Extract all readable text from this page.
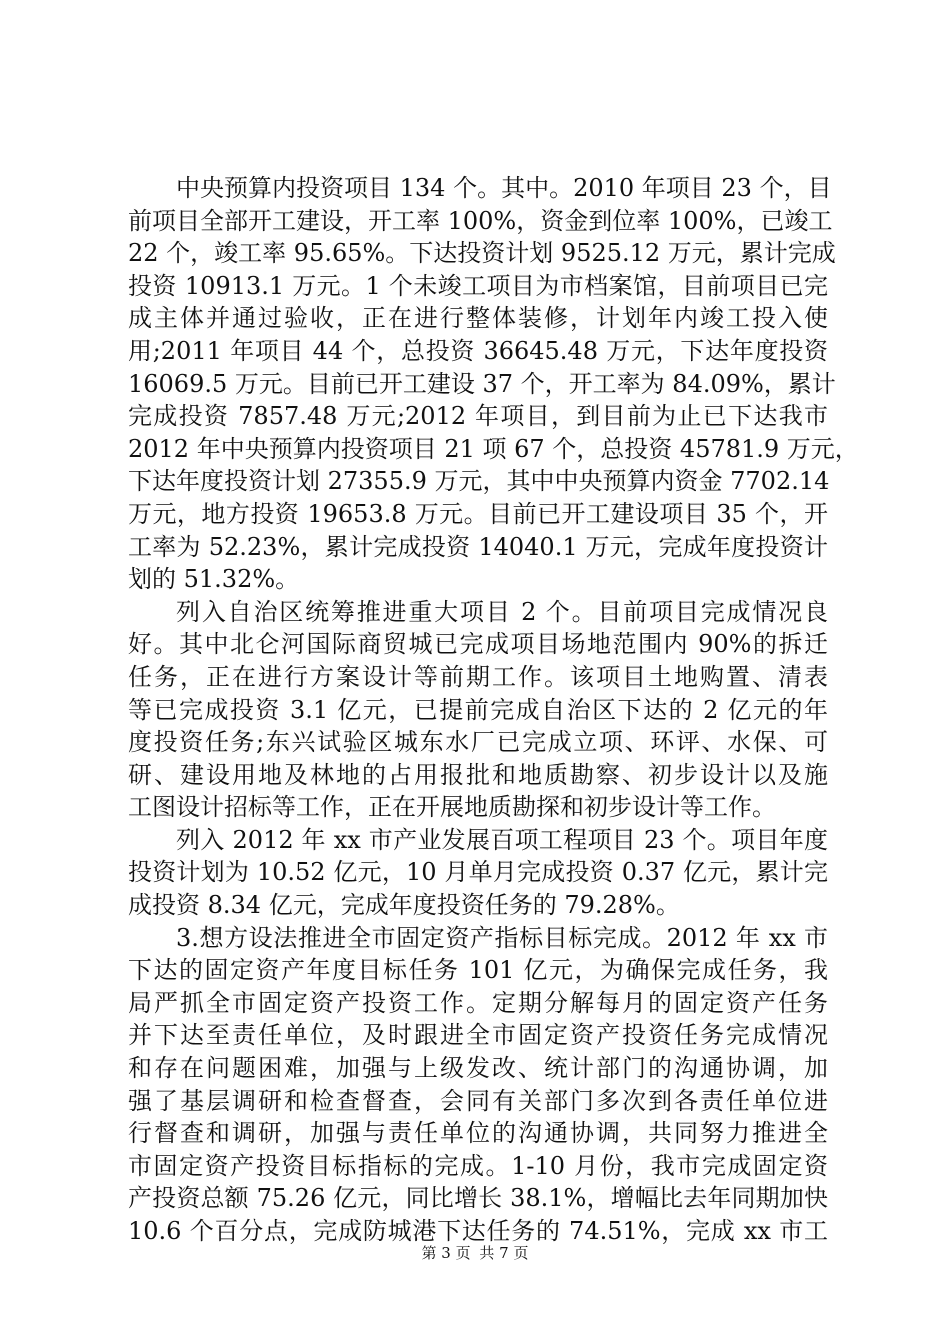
中央预算内投资项目 134 个。其中。2010 年项目 23 个，目
前项目全部开工建设，开工率 100%，资金到位率 100%，已竣工
22 个，竣工率 95.65%。下达投资计划 9525.12 万元，累计完成
投资 10913.1 万元。1 个未竣工项目为市档案馆，目前项目已完
成主体并通过验收，正在进行整体装修，计划年内竣工投入使
用;2011 年项目 44 个，总投资 36645.48 万元，下达年度投资
16069.5 万元。目前已开工建设 37 个，开工率为 84.09%，累计
完成投资 7857.48 万元;2012 年项目，到目前为止已下达我市
2012 年中央预算内投资项目 21 项 67 个，总投资 45781.9 万元，
下达年度投资计划 27355.9 万元，其中中央预算内资金 7702.14
万元，地方投资 19653.8 万元。目前已开工建设项目 35 个，开
工率为 52.23%，累计完成投资 14040.1 万元，完成年度投资计
划的 51.32%。
列入自治区统筹推进重大项目 2 个。目前项目完成情况良
好。其中北仑河国际商贸城已完成项目场地范围内 90%的拆迁
任务，正在进行方案设计等前期工作。该项目土地购置、清表
等已完成投资 3.1 亿元，已提前完成自治区下达的 2 亿元的年
度投资任务;东兴试验区城东水厂已完成立项、环评、水保、可
研、建设用地及林地的占用报批和地质勘察、初步设计以及施
工图设计招标等工作，正在开展地质勘探和初步设计等工作。
列入 2012 年 xx 市产业发展百项工程项目 23 个。项目年度
投资计划为 10.52 亿元，10 月单月完成投资 0.37 亿元，累计完
成投资 8.34 亿元，完成年度投资任务的 79.28%。
3.想方设法推进全市固定资产指标目标完成。2012 年 xx 市
下达的固定资产年度目标任务 101 亿元，为确保完成任务，我
局严抓全市固定资产投资工作。定期分解每月的固定资产任务
并下达至责任单位，及时跟进全市固定资产投资任务完成情况
和存在问题困难，加强与上级发改、统计部门的沟通协调，加
强了基层调研和检查督查，会同有关部门多次到各责任单位进
行督查和调研，加强与责任单位的沟通协调，共同努力推进全
市固定资产投资目标指标的完成。1-10 月份，我市完成固定资
产投资总额 75.26 亿元，同比增长 38.1%，增幅比去年同期加快
10.6 个百分点，完成防城港下达任务的 74.51%，完成 xx 市工
第 3 页 共 7 页
